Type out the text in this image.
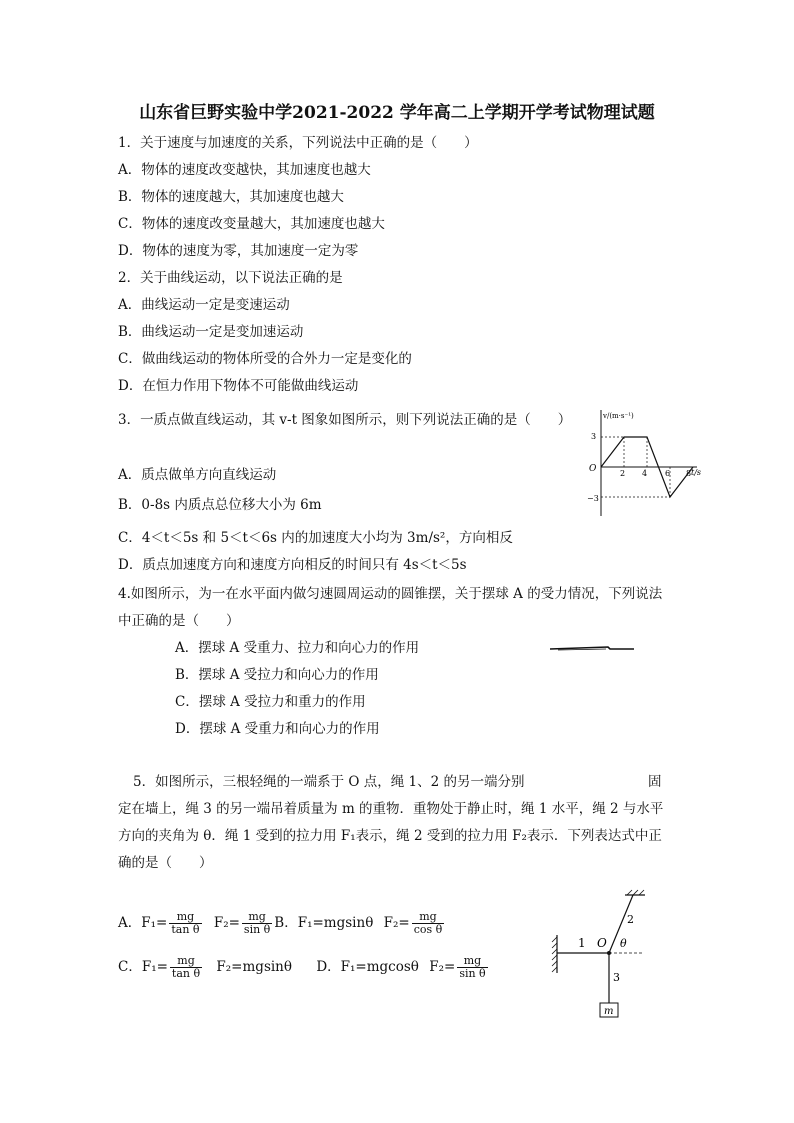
山东省巨野实验中学2021-2022 学年高二上学期开学考试物理试题
1．关于速度与加速度的关系，下列说法中正确的是（　　）
A．物体的速度改变越快，其加速度也越大
B．物体的速度越大，其加速度也越大
C．物体的速度改变量越大，其加速度也越大
D．物体的速度为零，其加速度一定为零
2．关于曲线运动，以下说法正确的是
A．曲线运动一定是变速运动
B．曲线运动一定是变加速运动
C．做曲线运动的物体所受的合外力一定是变化的
D．在恒力作用下物体不可能做曲线运动
3．一质点做直线运动，其 v-t 图象如图所示，则下列说法正确的是（　　）
A．质点做单方向直线运动
B．0-8s 内质点总位移大小为 6m
C．4＜t＜5s 和 5＜t＜6s 内的加速度大小均为 3m/s²，方向相反
D．质点加速度方向和速度方向相反的时间只有 4s＜t＜5s
v/(m·s⁻¹)
t/s
O
3
−3
2 4 6 8
4.如图所示，为一在水平面内做匀速圆周运动的圆锥摆，关于摆球 A 的受力情况，下列说法
中正确的是（　　）
A．摆球 A 受重力、拉力和向心力的作用
B．摆球 A 受拉力和向心力的作用
C．摆球 A 受拉力和重力的作用
D．摆球 A 受重力和向心力的作用
5．如图所示，三根轻绳的一端系于 O 点，绳 1、2 的另一端分别	固
定在墙上，绳 3 的另一端吊着质量为 m 的重物．重物处于静止时，绳 1 水平，绳 2 与水平
方向的夹角为 θ．绳 1 受到的拉力用 F₁表示，绳 2 受到的拉力用 F₂表示．下列表达式中正
确的是（　　）
A．$F_1= \frac{mg}{\text{tan θ}} F_2= \frac{mg}{\text{sin θ}}$ B．F₁=mgsinθ $F_2= \frac{mg}{\text{cos θ}}$
C．$F_1= \frac{mg}{\text{tan θ}} F_2=mgsin\theta$ D．F₁=mgcosθ $F_2= \frac{mg}{\text{sin θ}}$
1
2
3
O θ
m
